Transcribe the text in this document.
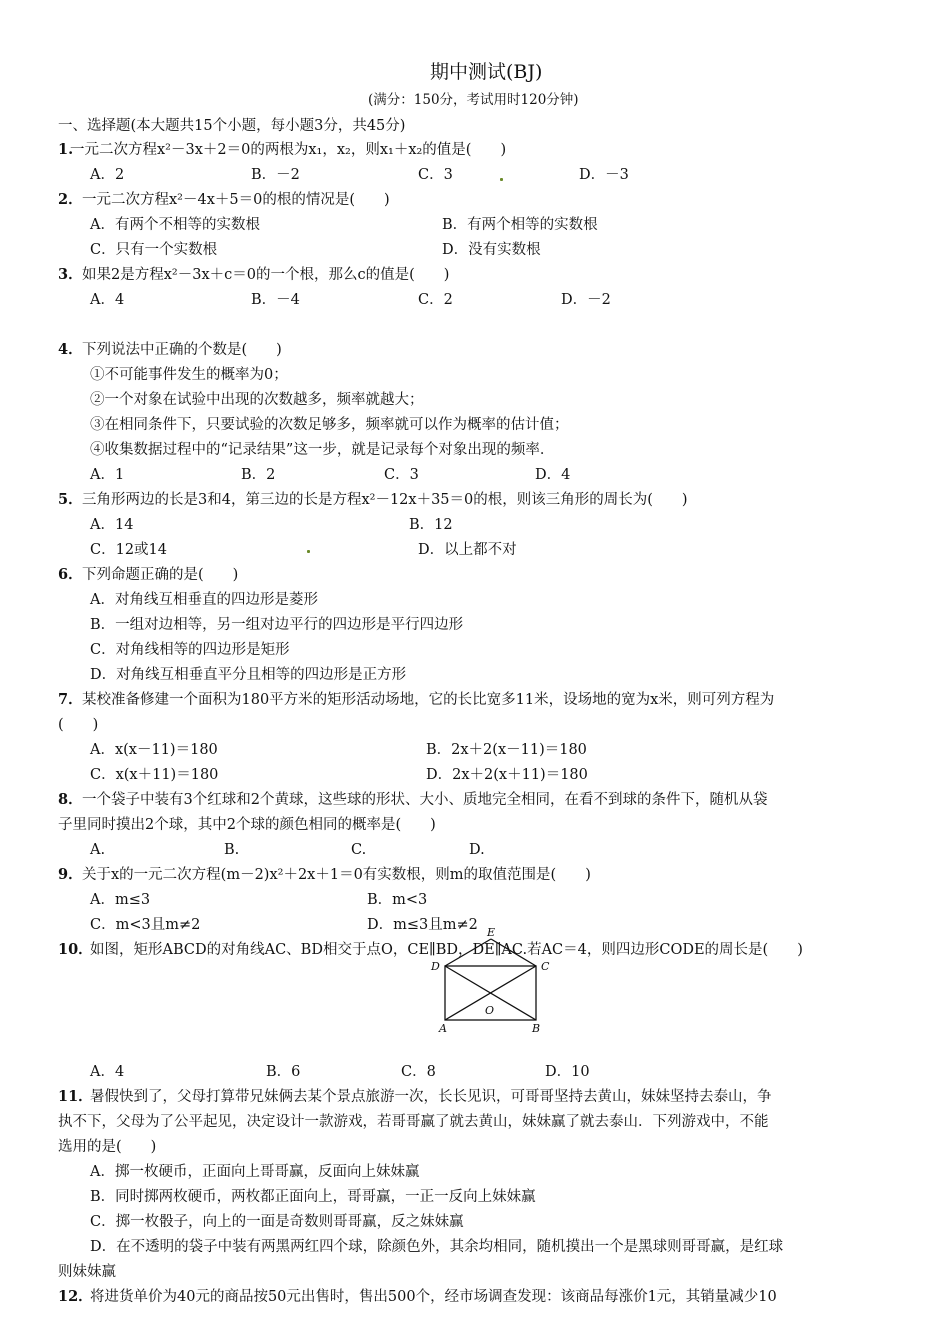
期中测试(BJ)
(满分：150分，考试用时120分钟)
一、选择题(本大题共15个小题，每小题3分，共45分)
1.
一元二次方程x²－3x＋2＝0的两根为x₁，x₂，则x₁＋x₂的值是(　　)
A．2	B．－2	C．3	D．－3
2． 一元二次方程x²－4x＋5＝0的根的情况是(　　)
A．有两个不相等的实数根	B．有两个相等的实数根
C．只有一个实数根	D．没有实数根
3． 如果2是方程x²－3x＋c＝0的一个根，那么c的值是(　　)
A．4	B．－4	C．2	D．－2
4． 下列说法中正确的个数是(　　)
①不可能事件发生的概率为0；
②一个对象在试验中出现的次数越多，频率就越大；
③在相同条件下，只要试验的次数足够多，频率就可以作为概率的估计值；
④收集数据过程中的“记录结果”这一步，就是记录每个对象出现的频率．
A．1	B．2	C．3	D．4
5． 三角形两边的长是3和4，第三边的长是方程x²－12x＋35＝0的根，则该三角形的周长为(　　)
A．14	B．12
C．12或14	D．以上都不对
6． 下列命题正确的是(　　)
A．对角线互相垂直的四边形是菱形
B．一组对边相等，另一组对边平行的四边形是平行四边形
C．对角线相等的四边形是矩形
D．对角线互相垂直平分且相等的四边形是正方形
7． 某校准备修建一个面积为180平方米的矩形活动场地，它的长比宽多11米，设场地的宽为x米，则可列方程为
(　　)
A．x(x－11)＝180	B．2x＋2(x－11)＝180
C．x(x＋11)＝180	D．2x＋2(x＋11)＝180
8． 一个袋子中装有3个红球和2个黄球，这些球的形状、大小、质地完全相同，在看不到球的条件下，随机从袋
子里同时摸出2个球，其中2个球的颜色相同的概率是(　　)
A.	B.	C.	D.
9． 关于x的一元二次方程(m－2)x²＋2x＋1＝0有实数根，则m的取值范围是(　　)
A．m≤3	B．m<3
C．m<3且m≠2	D．m≤3且m≠2
10．
如图，矩形ABCD的对角线AC、BD相交于点O，CE∥BD，DE∥AC.若AC＝4，则四边形CODE的周长是(　　)
A．4	B．6	C．8	D．10
E
D	C
O
A	B
11．
暑假快到了，父母打算带兄妹俩去某个景点旅游一次，长长见识，可哥哥坚持去黄山，妹妹坚持去泰山，争
执不下，父母为了公平起见，决定设计一款游戏，若哥哥赢了就去黄山，妹妹赢了就去泰山．下列游戏中，不能
选用的是(　　)
A．掷一枚硬币，正面向上哥哥赢，反面向上妹妹赢
B．同时掷两枚硬币，两枚都正面向上，哥哥赢，一正一反向上妹妹赢
C．掷一枚骰子，向上的一面是奇数则哥哥赢，反之妹妹赢
D．在不透明的袋子中装有两黑两红四个球，除颜色外，其余均相同，随机摸出一个是黑球则哥哥赢，是红球
则妹妹赢
12．
将进货单价为40元的商品按50元出售时，售出500个，经市场调查发现：该商品每涨价1元，其销量减少10
